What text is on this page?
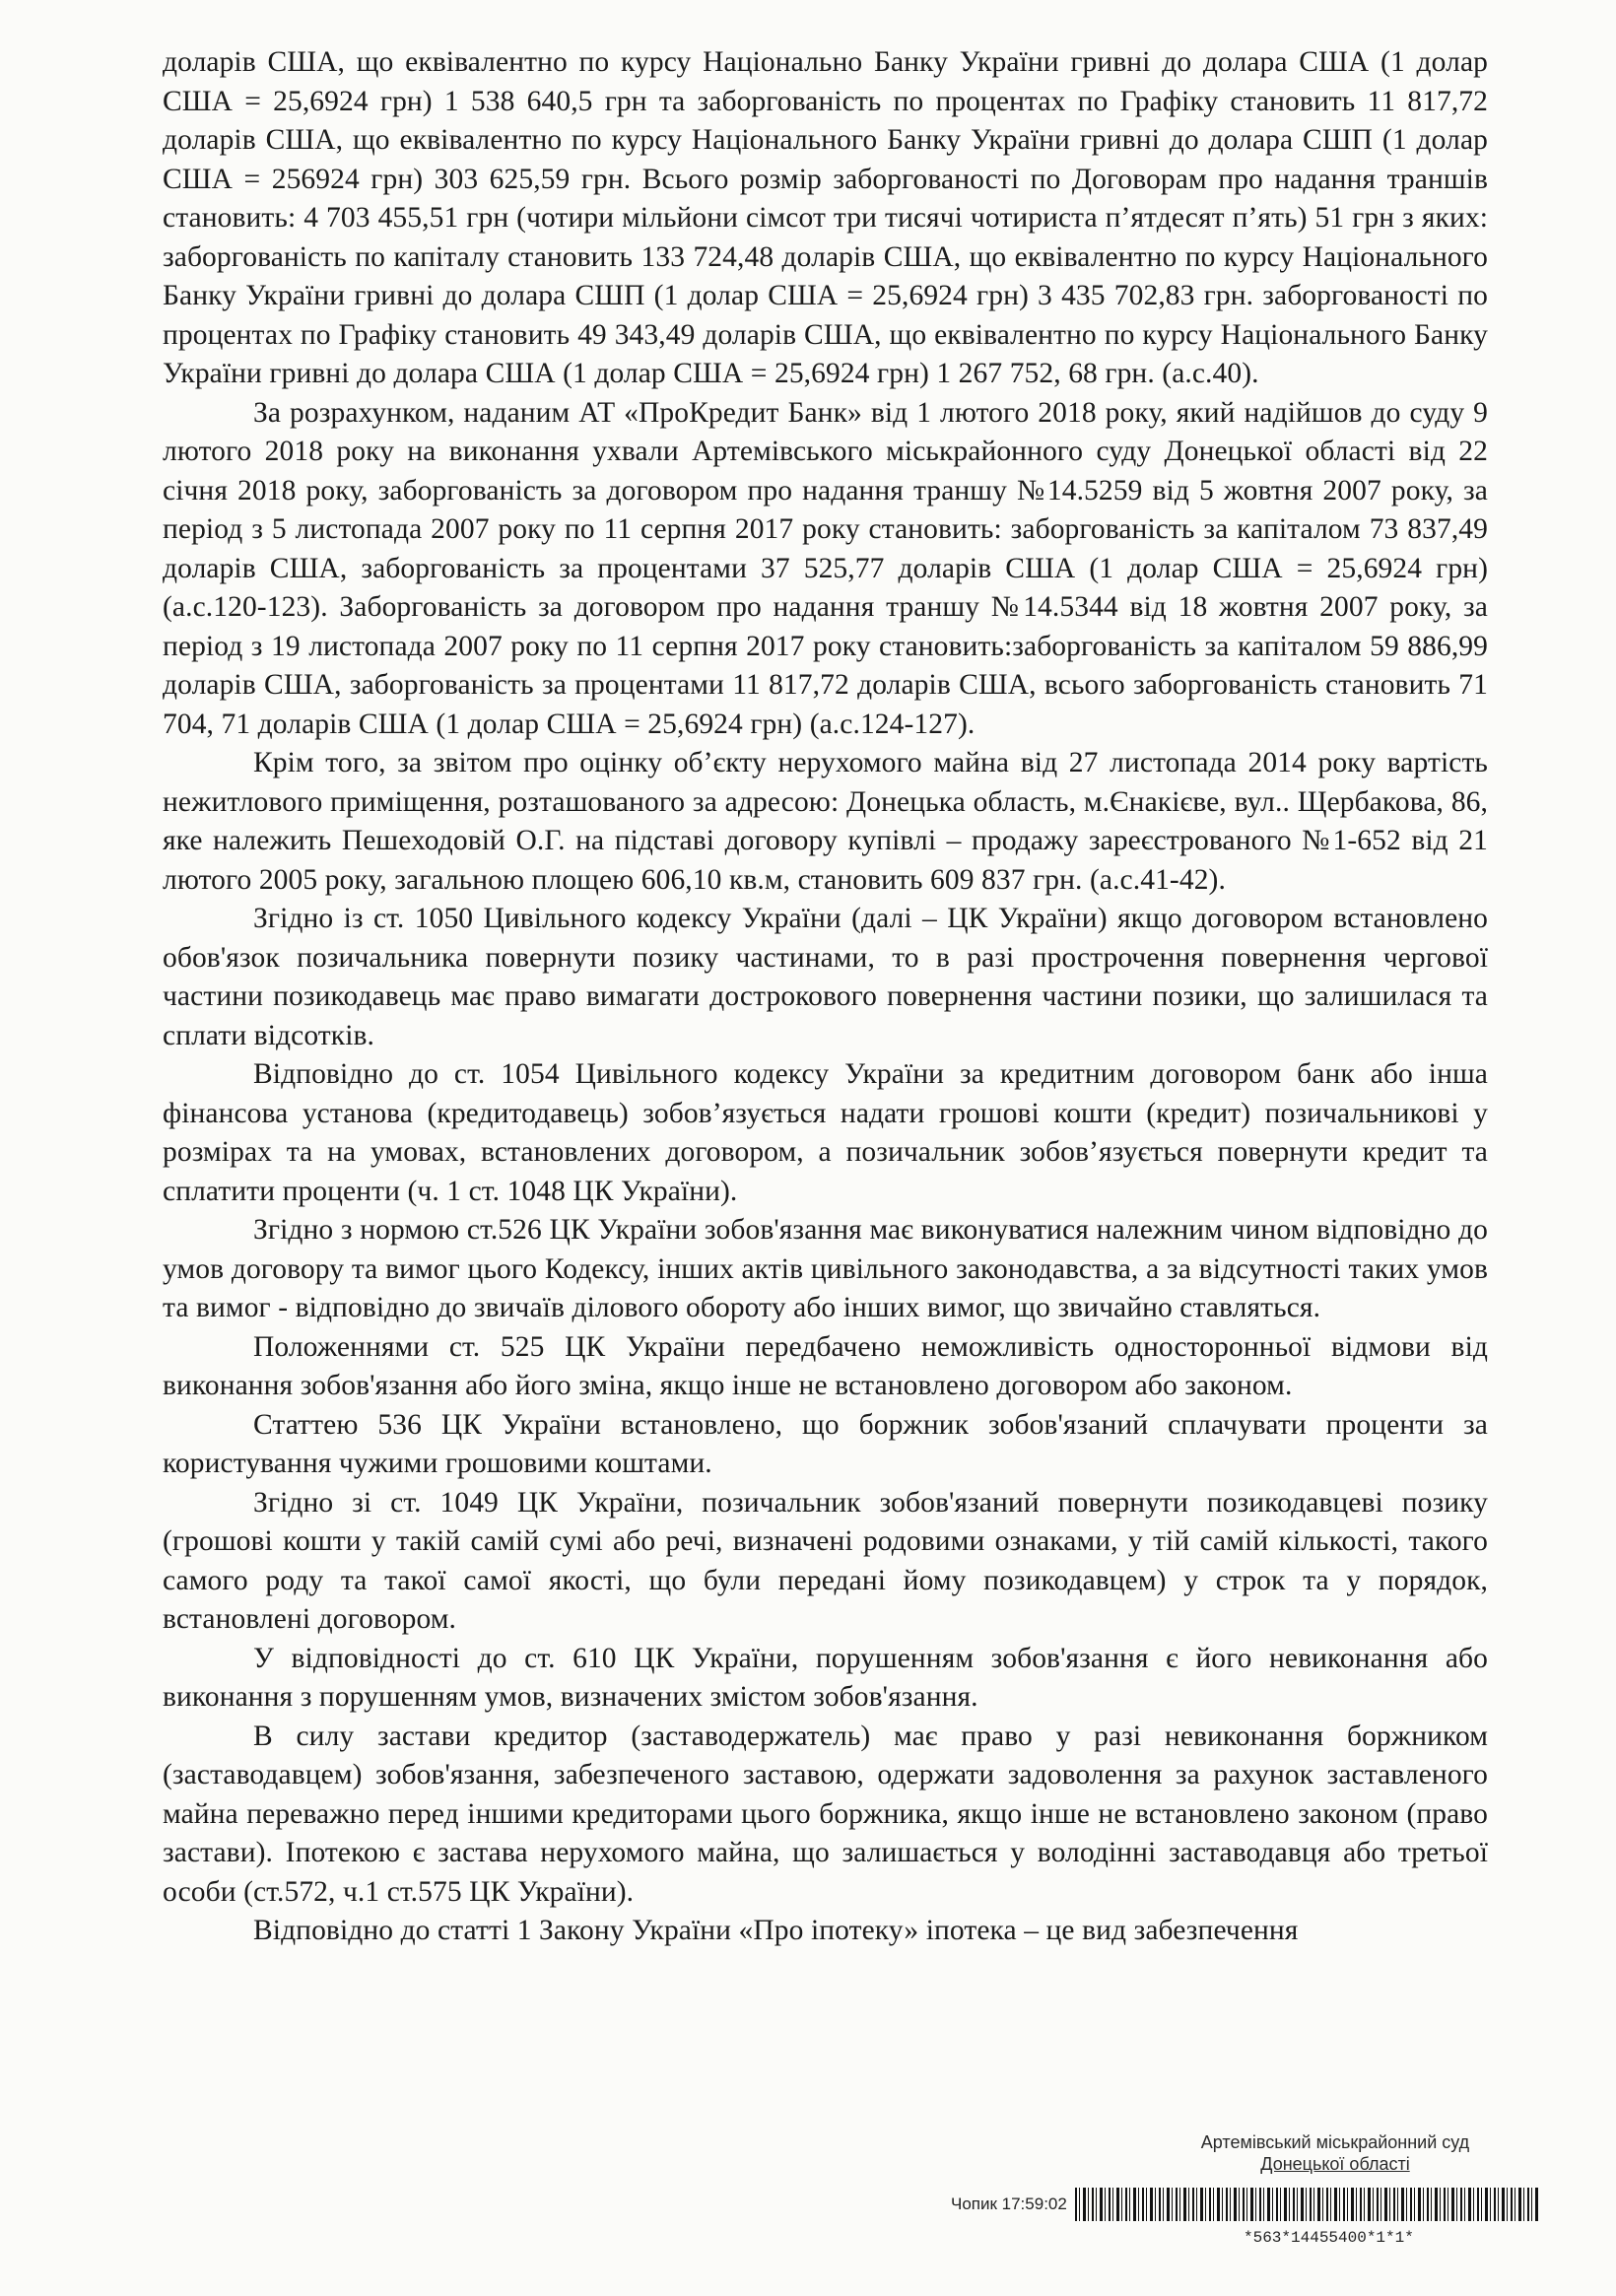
доларів США, що еквівалентно по курсу Національно Банку України гривні до долара США (1 долар США = 25,6924 грн) 1 538 640,5 грн та заборгованість по процентах по Графіку становить 11 817,72 доларів США, що еквівалентно по курсу Національного Банку України гривні до долара СШП (1 долар США = 256924 грн) 303 625,59 грн. Всього розмір заборгованості по Договорам про надання траншів становить: 4 703 455,51 грн (чотири мільйони сімсот три тисячі чотириста п’ятдесят п’ять) 51 грн з яких: заборгованість по капіталу становить 133 724,48 доларів США, що еквівалентно по курсу Національного Банку України гривні до долара СШП (1 долар США = 25,6924 грн) 3 435 702,83 грн. заборгованості по процентах по Графіку становить 49 343,49 доларів США, що еквівалентно по курсу Національного Банку України гривні до долара США (1 долар США = 25,6924 грн) 1 267 752, 68 грн. (а.с.40).

За розрахунком, наданим АТ «ПроКредит Банк» від 1 лютого 2018 року, який надійшов до суду 9 лютого 2018 року на виконання ухвали Артемівського міськрайонного суду Донецької області від 22 січня 2018 року, заборгованість за договором про надання траншу №14.5259 від 5 жовтня 2007 року, за період з 5 листопада 2007 року по 11 серпня 2017 року становить: заборгованість за капіталом 73 837,49 доларів США, заборгованість за процентами 37 525,77 доларів США (1 долар США = 25,6924 грн) (а.с.120-123). Заборгованість за договором про надання траншу №14.5344 від 18 жовтня 2007 року, за період з 19 листопада 2007 року по 11 серпня 2017 року становить:заборгованість за капіталом 59 886,99 доларів США, заборгованість за процентами 11 817,72 доларів США, всього заборгованість становить 71 704, 71 доларів США (1 долар США = 25,6924 грн) (а.с.124-127).

Крім того, за звітом про оцінку об’єкту нерухомого майна від 27 листопада 2014 року вартість нежитлового приміщення, розташованого за адресою: Донецька область, м.Єнакієве, вул.. Щербакова, 86, яке належить Пешеходовій О.Г. на підставі договору купівлі – продажу зареєстрованого №1-652 від 21 лютого 2005 року, загальною площею 606,10 кв.м, становить 609 837 грн. (а.с.41-42).

Згідно із ст. 1050 Цивільного кодексу України (далі – ЦК України) якщо договором встановлено обов'язок позичальника повернути позику частинами, то в разі прострочення повернення чергової частини позикодавець має право вимагати дострокового повернення частини позики, що залишилася та сплати відсотків.

Відповідно до ст. 1054 Цивільного кодексу України за кредитним договором банк або інша фінансова установа (кредитодавець) зобов’язується надати грошові кошти (кредит) позичальникові у розмірах та на умовах, встановлених договором, а позичальник зобов’язується повернути кредит та сплатити проценти (ч. 1 ст. 1048 ЦК України).

Згідно з нормою ст.526 ЦК України зобов'язання має виконуватися належним чином відповідно до умов договору та вимог цього Кодексу, інших актів цивільного законодавства, а за відсутності таких умов та вимог - відповідно до звичаїв ділового обороту або інших вимог, що звичайно ставляться.

Положеннями ст. 525 ЦК України передбачено неможливість односторонньої відмови від виконання зобов'язання або його зміна, якщо інше не встановлено договором або законом.

Статтею 536 ЦК України встановлено, що боржник зобов'язаний сплачувати проценти за користування чужими грошовими коштами.

Згідно зі ст. 1049 ЦК України, позичальник зобов'язаний повернути позикодавцеві позику (грошові кошти у такій самій сумі або речі, визначені родовими ознаками, у тій самій кількості, такого самого роду та такої самої якості, що були передані йому позикодавцем) у строк та у порядок, встановлені договором.

У відповідності до ст. 610 ЦК України, порушенням зобов'язання є його невиконання або виконання з порушенням умов, визначених змістом зобов'язання.

В силу застави кредитор (заставодержатель) має право у разі невиконання боржником (заставодавцем) зобов'язання, забезпеченого заставою, одержати задоволення за рахунок заставленого майна переважно перед іншими кредиторами цього боржника, якщо інше не встановлено законом (право застави). Іпотекою є застава нерухомого майна, що залишається у володінні заставодавця або третьої особи (ст.572, ч.1 ст.575 ЦК України).

Відповідно до статті 1 Закону України «Про іпотеку» іпотека – це вид забезпечення

Артемівський міськрайонний суд
Донецької області
Чопик 17:59:02
*563*14455400*1*1*
